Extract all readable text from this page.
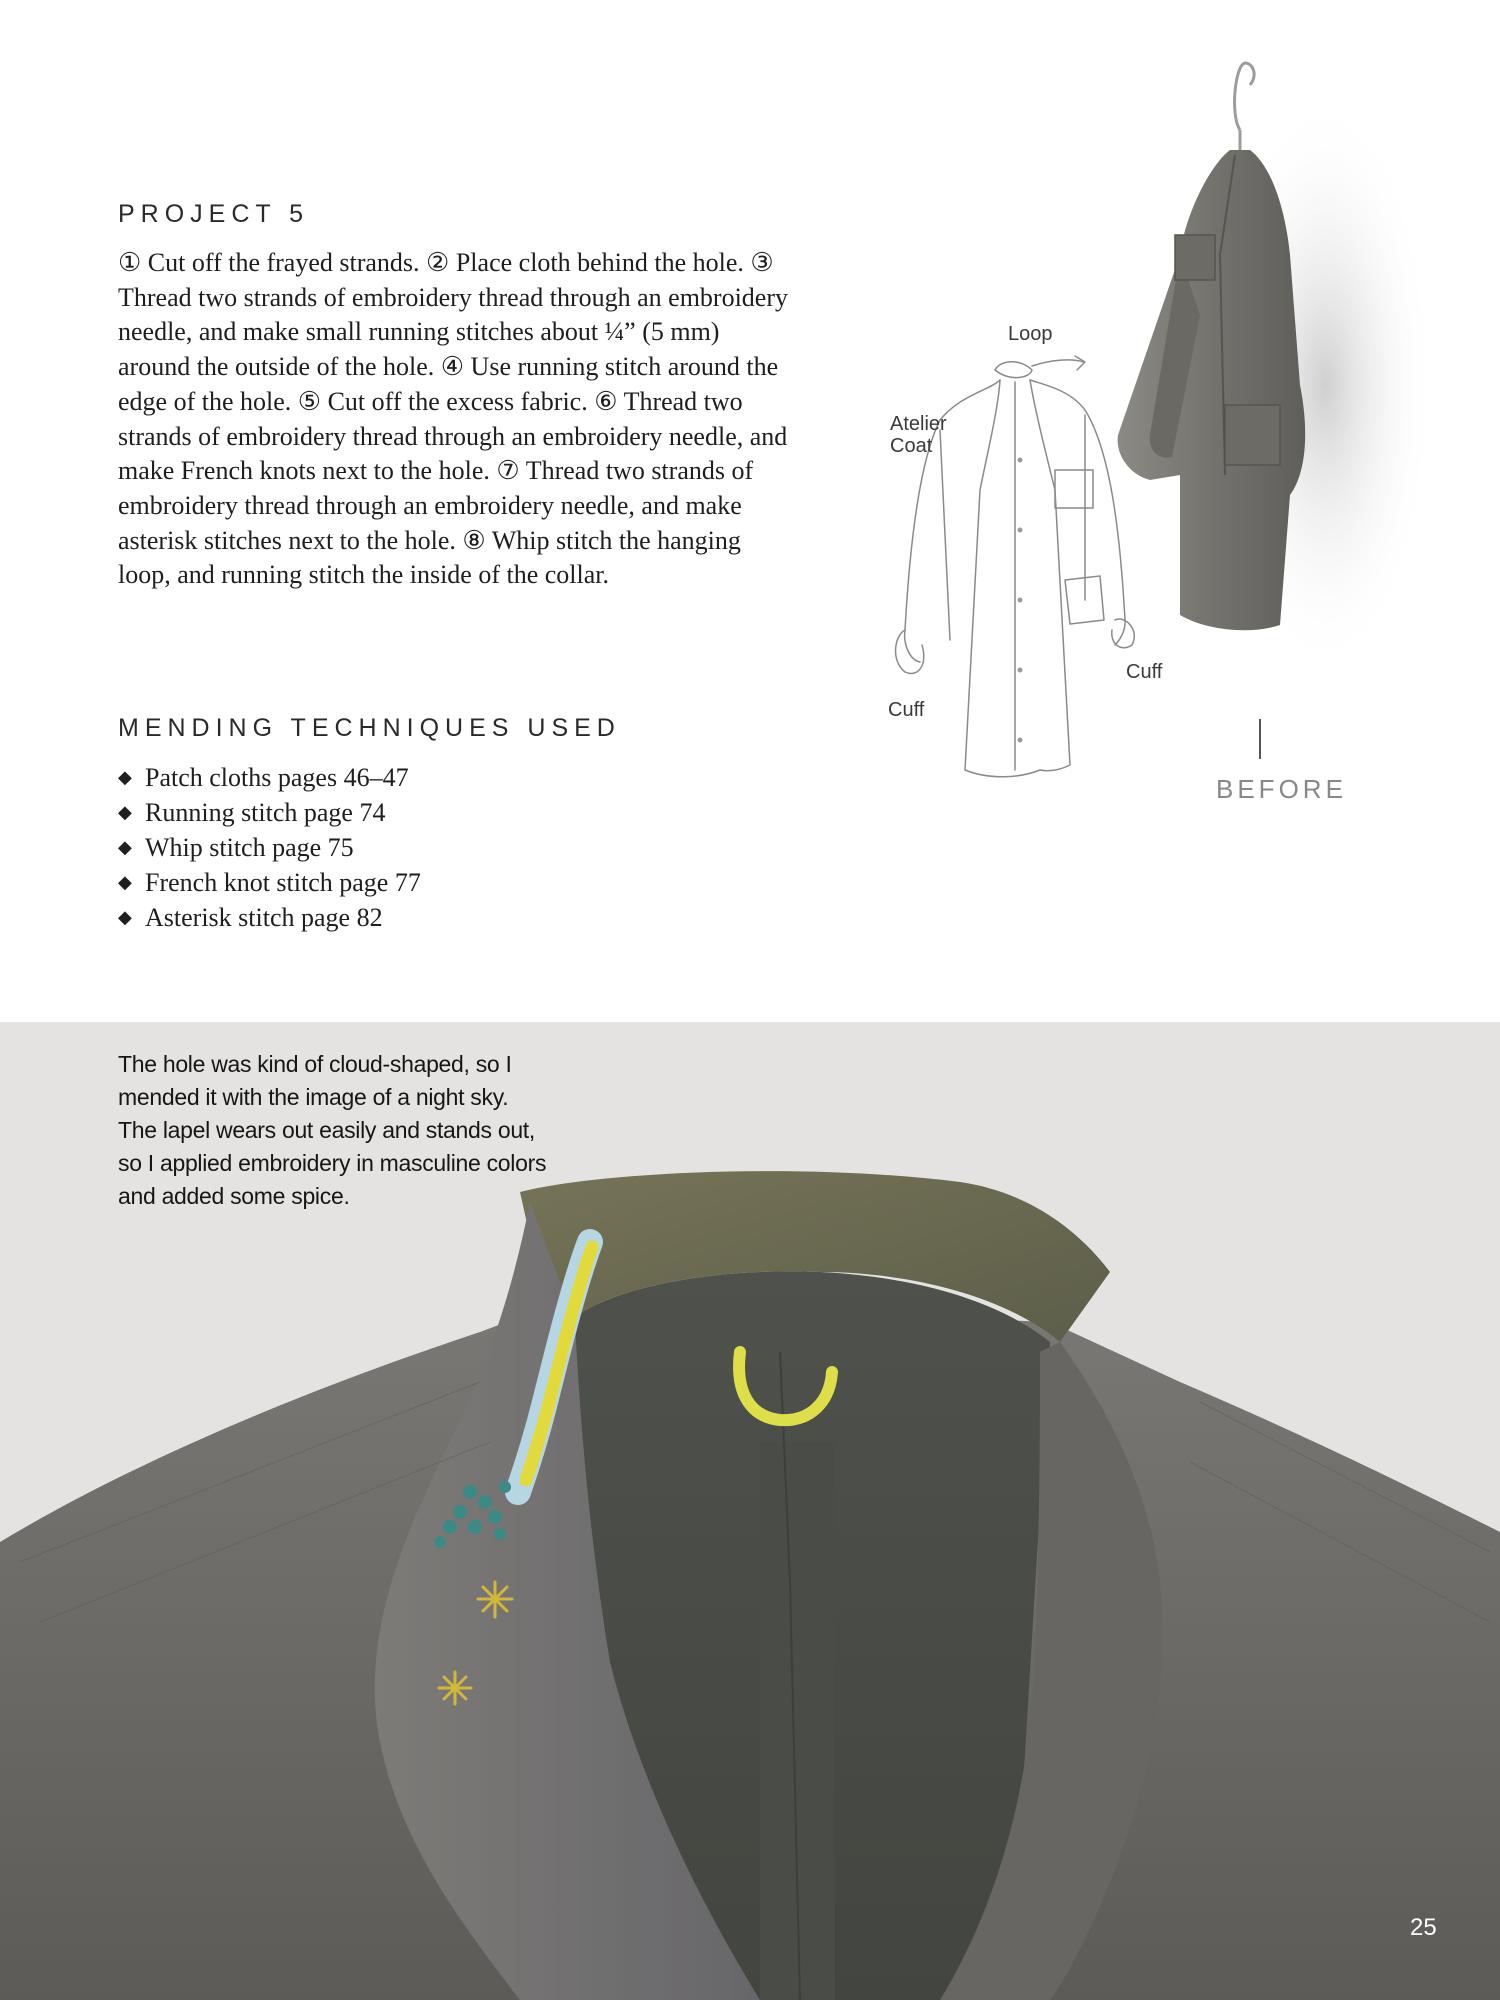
PROJECT 5

① Cut off the frayed strands. ② Place cloth behind the hole. ③ Thread two strands of embroidery thread through an embroidery needle, and make small running stitches about ¼” (5 mm) around the outside of the hole. ④ Use running stitch around the edge of the hole. ⑤ Cut off the excess fabric. ⑥ Thread two strands of embroidery thread through an embroidery needle, and make French knots next to the hole. ⑦ Thread two strands of embroidery thread through an embroidery needle, and make asterisk stitches next to the hole. ⑧ Whip stitch the hanging loop, and running stitch the inside of the collar.

MENDING TECHNIQUES USED
◆ Patch cloths pages 46–47
◆ Running stitch page 74
◆ Whip stitch page 75
◆ French knot stitch page 77
◆ Asterisk stitch page 82
Loop
Atelier
Coat
Cuff
Cuff
BEFORE

The hole was kind of cloud-shaped, so I mended it with the image of a night sky. The lapel wears out easily and stands out, so I applied embroidery in masculine colors and added some spice.

25
